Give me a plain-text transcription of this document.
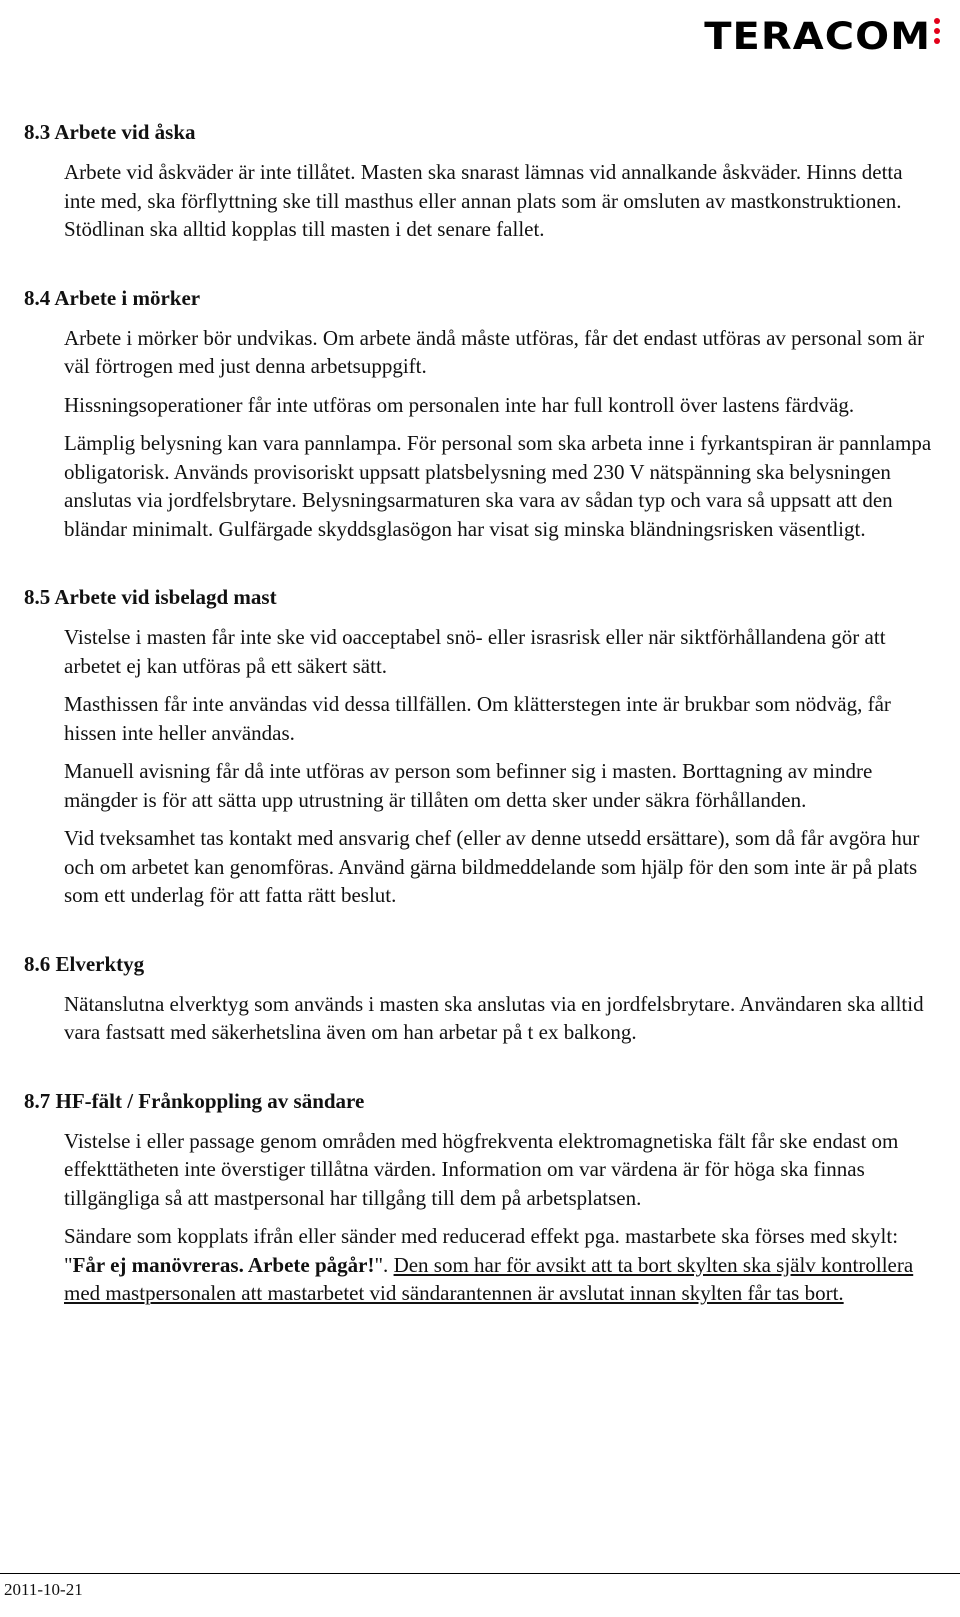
TERACOM
8.3 Arbete vid åska

Arbete vid åskväder är inte tillåtet. Masten ska snarast lämnas vid annalkande åskväder. Hinns detta inte med, ska förflyttning ske till masthus eller annan plats som är omsluten av mastkonstruktionen. Stödlinan ska alltid kopplas till masten i det senare fallet.

8.4 Arbete i mörker

Arbete i mörker bör undvikas. Om arbete ändå måste utföras, får det endast utföras av personal som är väl förtrogen med just denna arbetsuppgift.

Hissningsoperationer får inte utföras om personalen inte har full kontroll över lastens färdväg.

Lämplig belysning kan vara pannlampa. För personal som ska arbeta inne i fyrkantspiran är pannlampa obligatorisk. Används provisoriskt uppsatt platsbelysning med 230 V nätspänning ska belysningen anslutas via jordfelsbrytare. Belysningsarmaturen ska vara av sådan typ och vara så uppsatt att den bländar minimalt. Gulfärgade skyddsglasögon har visat sig minska bländningsrisken väsentligt.

8.5 Arbete vid isbelagd mast

Vistelse i masten får inte ske vid oacceptabel snö- eller israsrisk eller när siktförhållandena gör att arbetet ej kan utföras på ett säkert sätt.

Masthissen får inte användas vid dessa tillfällen. Om klätterstegen inte är brukbar som nödväg, får hissen inte heller användas.

Manuell avisning får då inte utföras av person som befinner sig i masten. Borttagning av mindre mängder is för att sätta upp utrustning är tillåten om detta sker under säkra förhållanden.

Vid tveksamhet tas kontakt med ansvarig chef (eller av denne utsedd ersättare), som då får avgöra hur och om arbetet kan genomföras. Använd gärna bildmeddelande som hjälp för den som inte är på plats som ett underlag för att fatta rätt beslut.

8.6 Elverktyg

Nätanslutna elverktyg som används i masten ska anslutas via en jordfelsbrytare. Användaren ska alltid vara fastsatt med säkerhetslina även om han arbetar på t ex balkong.

8.7 HF-fält / Frånkoppling av sändare

Vistelse i eller passage genom områden med högfrekventa elektromagnetiska fält får ske endast om effekttätheten inte överstiger tillåtna värden. Information om var värdena är för höga ska finnas tillgängliga så att mastpersonal har tillgång till dem på arbetsplatsen.

Sändare som kopplats ifrån eller sänder med reducerad effekt pga. mastarbete ska förses med skylt: "Får ej manövreras. Arbete pågår!". Den som har för avsikt att ta bort skylten ska själv kontrollera med mastpersonalen att mastarbetet vid sändarantennen är avslutat innan skylten får tas bort.

2011-10-21
